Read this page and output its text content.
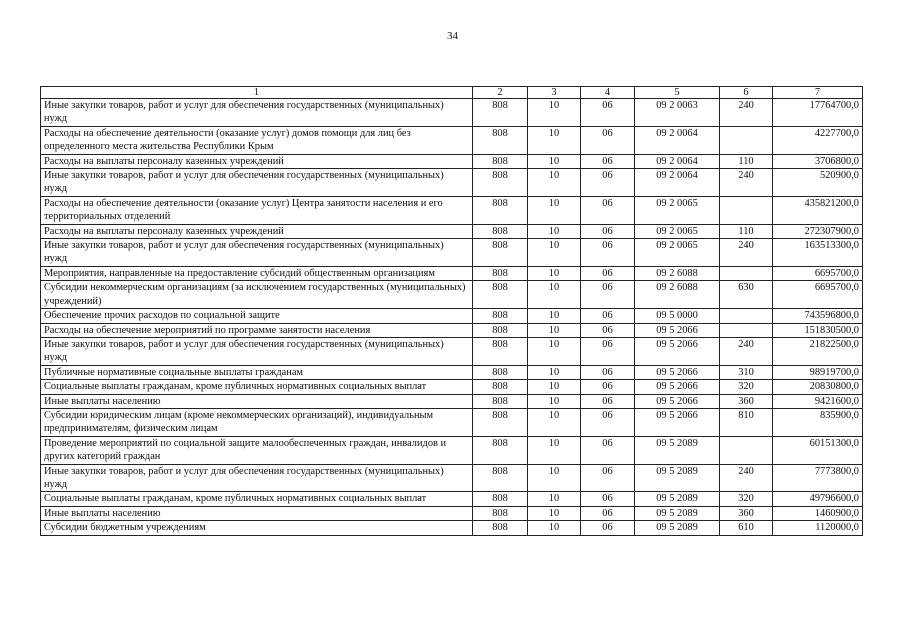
34
1	2	3	4	5	6	7
Иные закупки товаров, работ и услуг для обеспечения государственных (муниципальных) нужд	808	10	06	09 2 0063	240	17764700,0
Расходы на обеспечение деятельности (оказание услуг) домов помощи для лиц без определенного места жительства Республики Крым	808	10	06	09 2 0064		4227700,0
Расходы на выплаты персоналу казенных учреждений	808	10	06	09 2 0064	110	3706800,0
Иные закупки товаров, работ и услуг для обеспечения государственных (муниципальных) нужд	808	10	06	09 2 0064	240	520900,0
Расходы на обеспечение деятельности (оказание услуг) Центра занятости населения и его территориальных отделений	808	10	06	09 2 0065		435821200,0
Расходы на выплаты персоналу казенных учреждений	808	10	06	09 2 0065	110	272307900,0
Иные закупки товаров, работ и услуг для обеспечения государственных (муниципальных) нужд	808	10	06	09 2 0065	240	163513300,0
Мероприятия, направленные на предоставление субсидий общественным организациям	808	10	06	09 2 6088		6695700,0
Субсидии некоммерческим организациям (за исключением государственных (муниципальных) учреждений)	808	10	06	09 2 6088	630	6695700,0
Обеспечение прочих расходов по социальной защите	808	10	06	09 5 0000		743596800,0
Расходы на обеспечение мероприятий по программе занятости населения	808	10	06	09 5 2066		151830500,0
Иные закупки товаров, работ и услуг для обеспечения государственных (муниципальных) нужд	808	10	06	09 5 2066	240	21822500,0
Публичные нормативные социальные выплаты гражданам	808	10	06	09 5 2066	310	98919700,0
Социальные выплаты гражданам, кроме публичных нормативных социальных выплат	808	10	06	09 5 2066	320	20830800,0
Иные выплаты населению	808	10	06	09 5 2066	360	9421600,0
Субсидии юридическим лицам (кроме некоммерческих организаций), индивидуальным предпринимателям, физическим лицам	808	10	06	09 5 2066	810	835900,0
Проведение мероприятий по социальной защите малообеспеченных граждан, инвалидов и других категорий граждан	808	10	06	09 5 2089		60151300,0
Иные закупки товаров, работ и услуг для обеспечения государственных (муниципальных) нужд	808	10	06	09 5 2089	240	7773800,0
Социальные выплаты гражданам, кроме публичных нормативных социальных выплат	808	10	06	09 5 2089	320	49796600,0
Иные выплаты населению	808	10	06	09 5 2089	360	1460900,0
Субсидии бюджетным учреждениям	808	10	06	09 5 2089	610	1120000,0
